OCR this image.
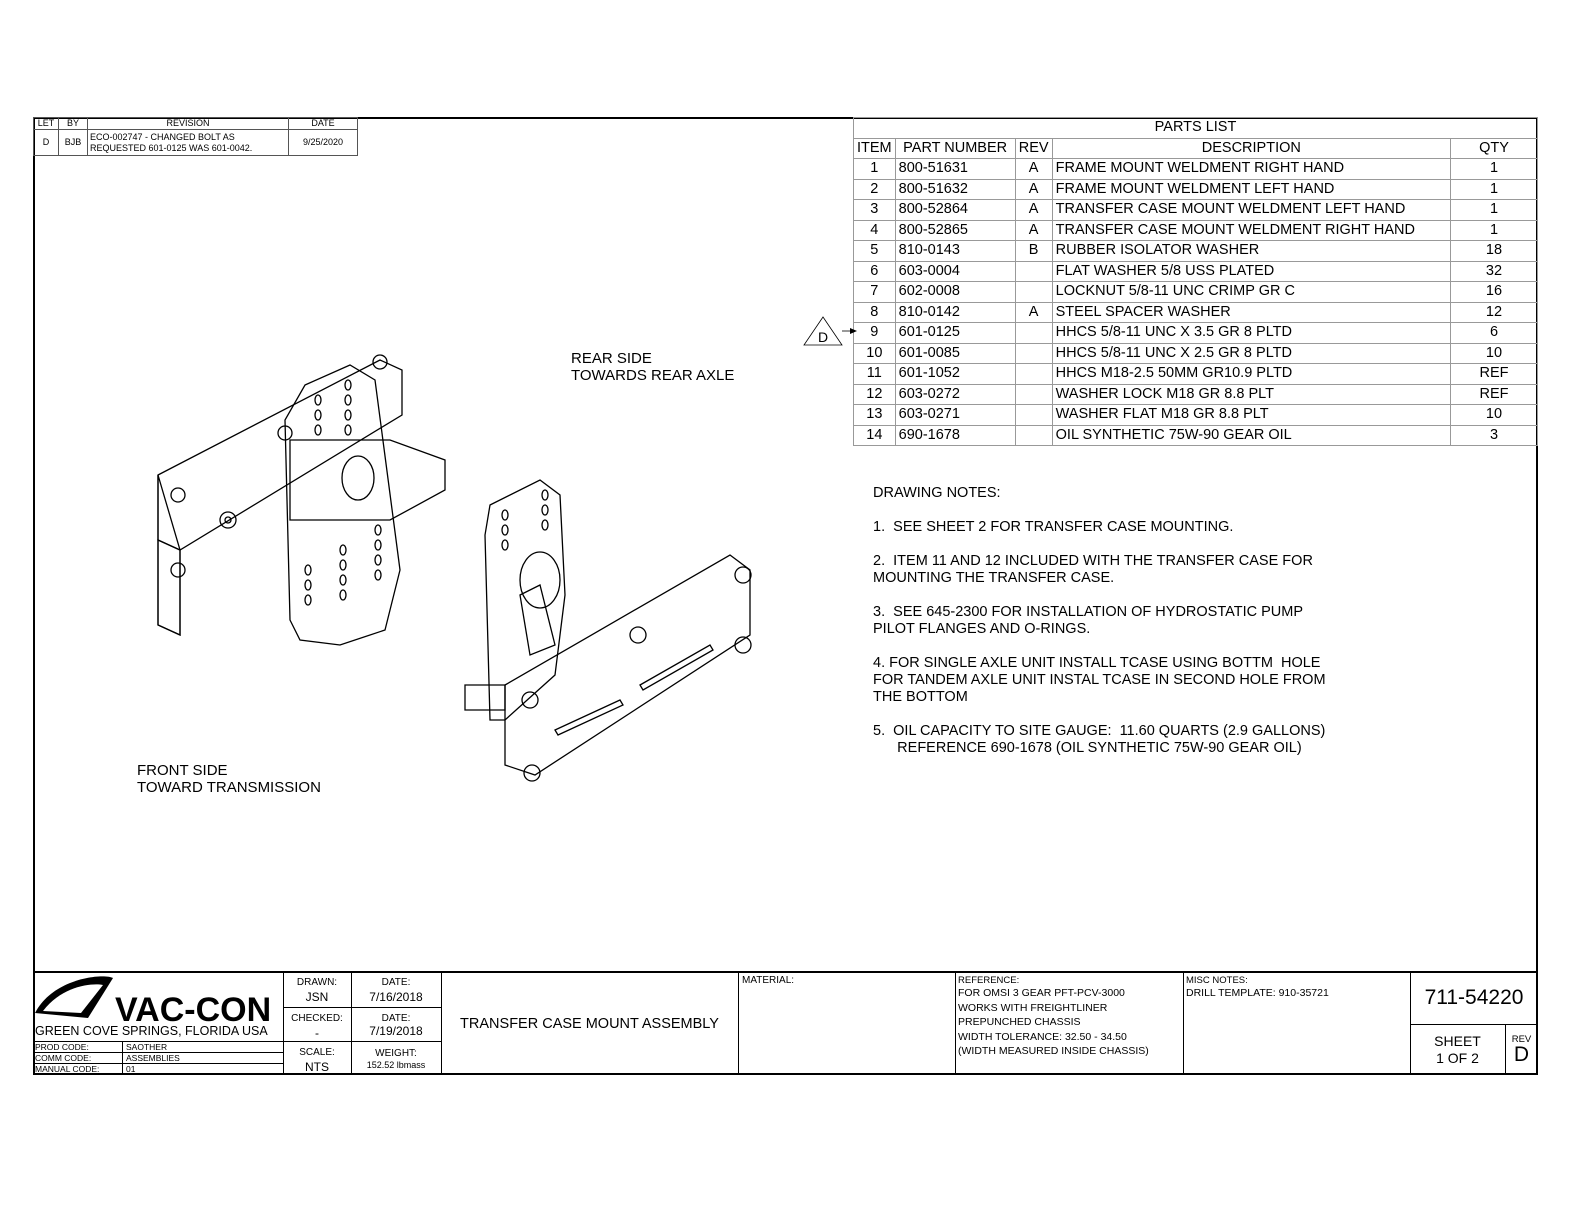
LET	BY	REVISION	DATE
D	BJB	ECO-002747 - CHANGED BOLT AS
REQUESTED 601-0125 WAS 601-0042.	9/25/2020
PARTS LIST				
ITEM	PART NUMBER	REV	DESCRIPTION	QTY
1	800-51631	A	FRAME MOUNT WELDMENT RIGHT HAND	1
2	800-51632	A	FRAME MOUNT WELDMENT LEFT HAND	1
3	800-52864	A	TRANSFER CASE MOUNT WELDMENT LEFT HAND	1
4	800-52865	A	TRANSFER CASE MOUNT WELDMENT RIGHT HAND	1
5	810-0143	B	RUBBER ISOLATOR WASHER	18
6	603-0004		FLAT WASHER 5/8 USS PLATED	32
7	602-0008		LOCKNUT 5/8-11 UNC CRIMP GR C	16
8	810-0142	A	STEEL SPACER WASHER	12
9	601-0125		HHCS 5/8-11 UNC X 3.5 GR 8 PLTD	6
10	601-0085		HHCS 5/8-11 UNC X 2.5 GR 8 PLTD	10
11	601-1052		HHCS M18-2.5 50MM GR10.9 PLTD	REF
12	603-0272		WASHER LOCK M18 GR 8.8 PLT	REF
13	603-0271		WASHER FLAT M18 GR 8.8 PLT	10
14	690-1678		OIL SYNTHETIC 75W-90 GEAR OIL	3
D
REAR SIDE
TOWARDS REAR AXLE
FRONT SIDE
TOWARD TRANSMISSION

DRAWING NOTES:

1.  SEE SHEET 2 FOR TRANSFER CASE MOUNTING.

2.  ITEM 11 AND 12 INCLUDED WITH THE TRANSFER CASE FOR
MOUNTING THE TRANSFER CASE.

3.  SEE 645-2300 FOR INSTALLATION OF HYDROSTATIC PUMP
PILOT FLANGES AND O-RINGS.

4. FOR SINGLE AXLE UNIT INSTALL TCASE USING BOTTM  HOLE
FOR TANDEM AXLE UNIT INSTAL TCASE IN SECOND HOLE FROM
THE BOTTOM

5.  OIL CAPACITY TO SITE GAUGE:  11.60 QUARTS (2.9 GALLONS)
REFERENCE 690-1678 (OIL SYNTHETIC 75W-90 GEAR OIL)

VAC-CON
GREEN COVE SPRINGS, FLORIDA USA
PROD CODE:	SAOTHER
COMM CODE:	ASSEMBLIES
MANUAL CODE:	01
DRAWN:
JSN
DATE:
7/16/2018
CHECKED:
-
DATE:
7/19/2018
SCALE:
NTS
WEIGHT:
152.52 lbmass
TRANSFER CASE MOUNT ASSEMBLY
MATERIAL:	REFERENCE:
FOR OMSI 3 GEAR PFT-PCV-3000
WORKS WITH FREIGHTLINER
PREPUNCHED CHASSIS
WIDTH TOLERANCE: 32.50 - 34.50
(WIDTH MEASURED INSIDE CHASSIS)
MISC NOTES:
DRILL TEMPLATE: 910-35721	711-54220
SHEET
1 OF 2
REV
D
